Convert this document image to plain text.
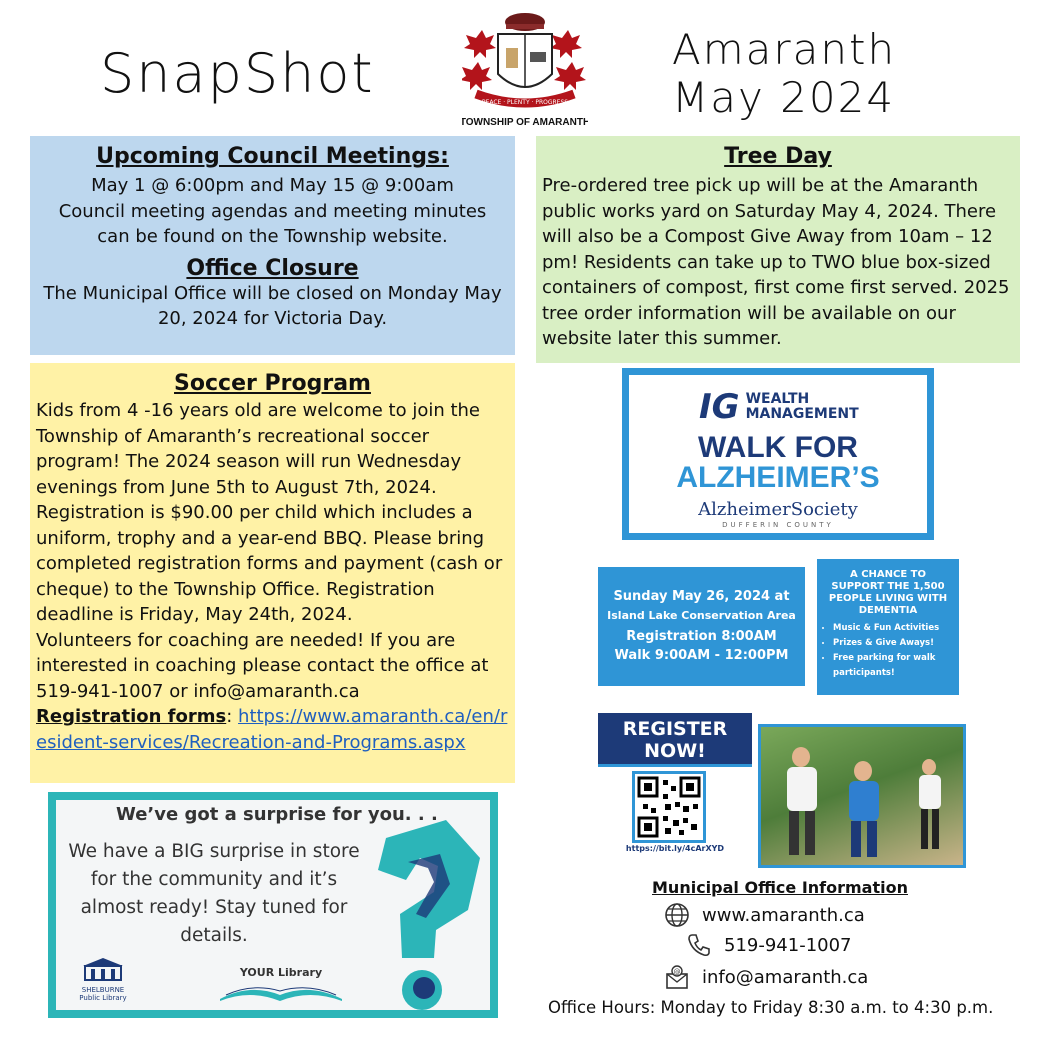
SnapShot	PEACE · PLENTY · PROGRESS
TOWNSHIP OF AMARANTH
Amaranth
May 2024
Upcoming Council Meetings:
May 1 @ 6:00pm and May 15 @ 9:00am
Council meeting agendas and meeting minutes can be found on the Township website.
Office Closure
The Municipal Office will be closed on Monday May 20, 2024 for Victoria Day.
Tree Day
Pre-ordered tree pick up will be at the Amaranth public works yard on Saturday May 4, 2024. There will also be a Compost Give Away from 10am – 12 pm! Residents can take up to TWO blue box-sized containers of compost, first come first served. 2025 tree order information will be available on our website later this summer.
Soccer Program
Kids from 4 -16 years old are welcome to join the Township of Amaranth’s recreational soccer program! The 2024 season will run Wednesday evenings from June 5th to August 7th, 2024. Registration is $90.00 per child which includes a uniform, trophy and a year-end BBQ. Please bring completed registration forms and payment (cash or cheque) to the Township Office. Registration deadline is Friday, May 24th, 2024.
Volunteers for coaching are needed! If you are interested in coaching please contact the office at 519-941-1007 or info@amaranth.ca
Registration forms: https://www.amaranth.ca/en/resident-services/Recreation-and-Programs.aspx
IG WEALTH
MANAGEMENT
WALK FOR
ALZHEIMER’S
AlzheimerSociety
DUFFERIN COUNTY
Sunday May 26, 2024 at
Island Lake Conservation Area
Registration 8:00AM
Walk 9:00AM - 12:00PM
A CHANCE TO SUPPORT THE 1,500 PEOPLE LIVING WITH DEMENTIA
• Music & Fun Activities
• Prizes & Give Aways!
• Free parking for walk participants!
REGISTER NOW!
https://bit.ly/4cArXYD
We’ve got a surprise for you. . .
We have a BIG surprise in store for the community and it’s almost ready! Stay tuned for details.
SHELBURNE
Public Library
YOUR Library
Municipal Office Information
www.amaranth.ca
519-941-1007
@ info@amaranth.ca
Office Hours: Monday to Friday 8:30 a.m. to 4:30 p.m.
